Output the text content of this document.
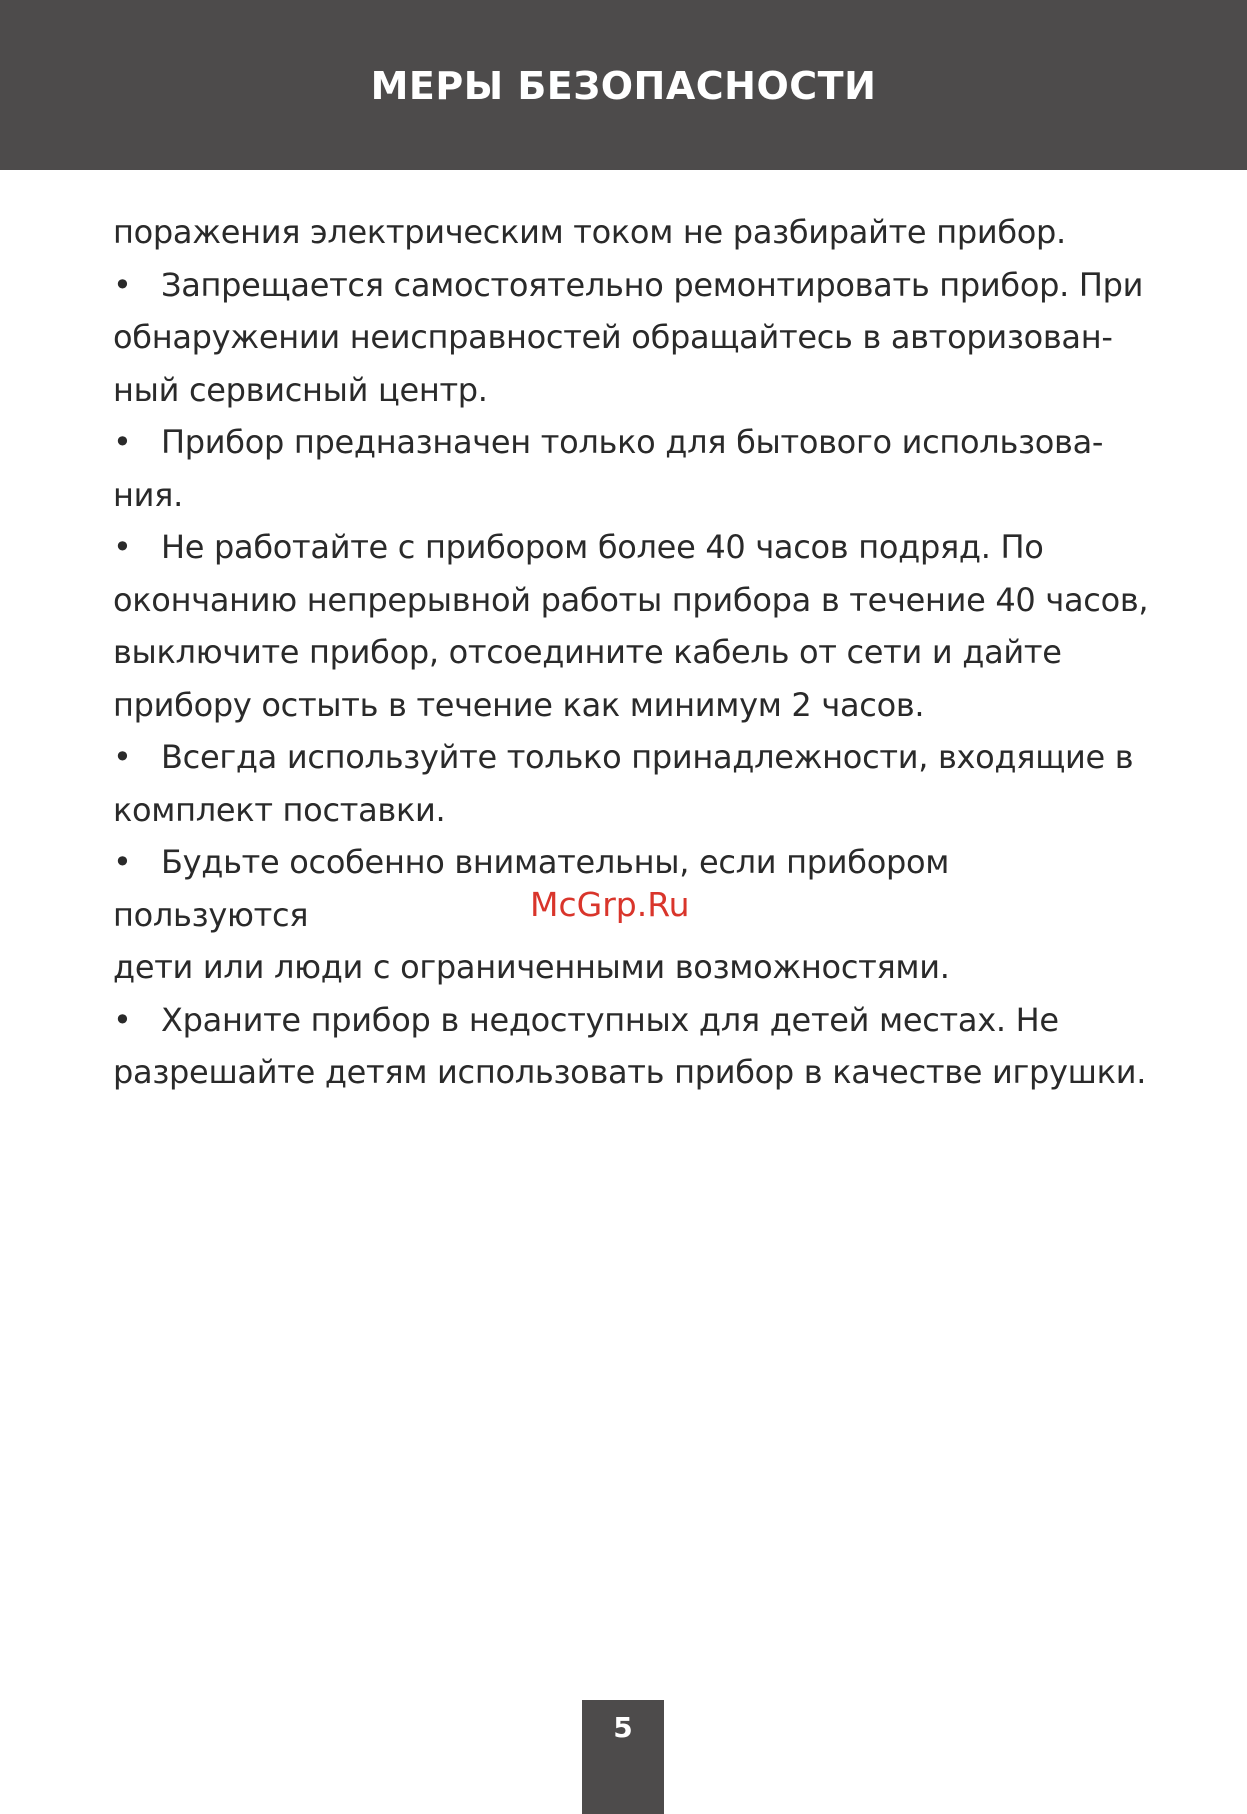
МЕРЫ БЕЗОПАСНОСТИ

поражения электрическим током не разбирайте прибор.

• Запрещается самостоятельно ремонтировать прибор. При

обнаружении неисправностей обращайтесь в авторизован-

ный сервисный центр.

• Прибор предназначен только для бытового использова-

ния.

• Не работайте с прибором более 40 часов подряд. По

окончанию непрерывной работы прибора в течение 40 часов,

выключите прибор, отсоедините кабель от сети и дайте

прибору остыть в течение как минимум 2 часов.

• Всегда используйте только принадлежности, входящие в

комплект поставки.

• Будьте особенно внимательны, если прибором пользуются

дети или люди с ограниченными возможностями.

• Храните прибор в недоступных для детей местах. Не

разрешайте детям использовать прибор в качестве игрушки.

McGrp.Ru
5
